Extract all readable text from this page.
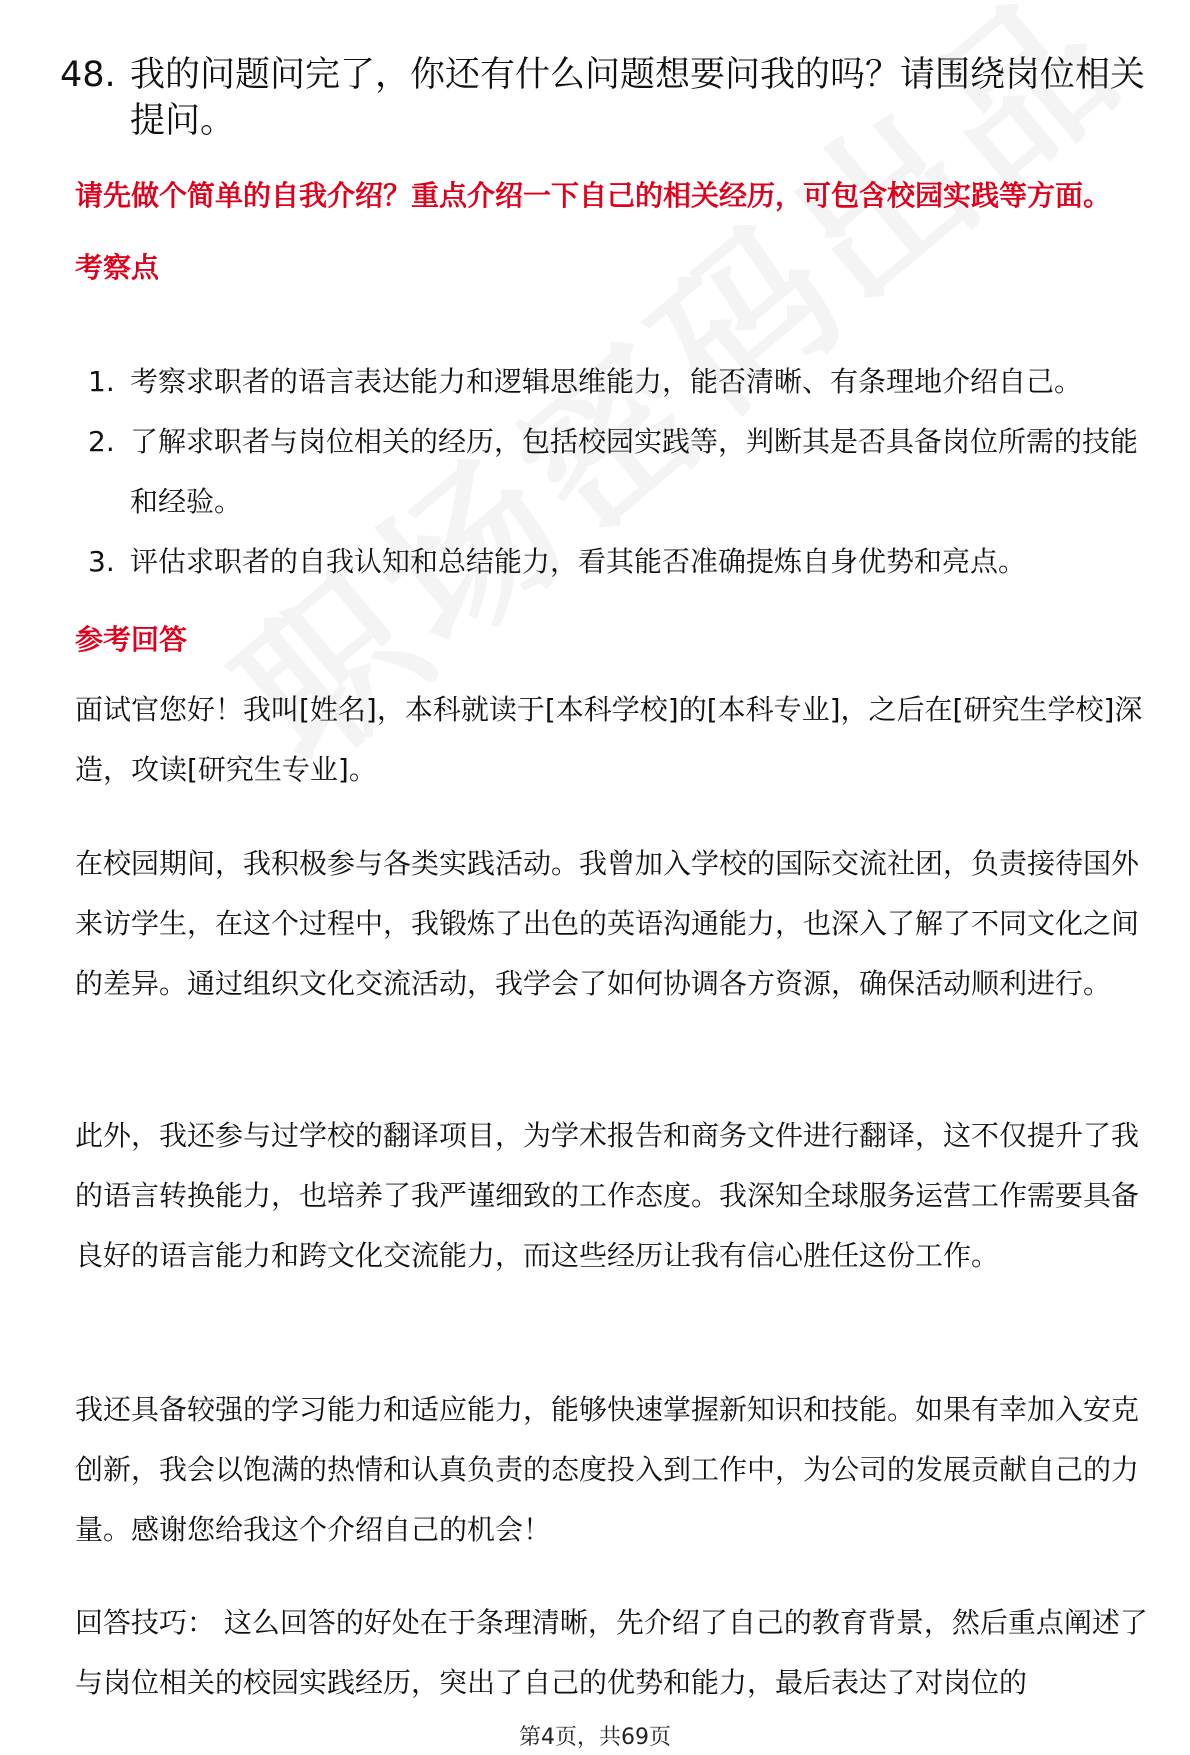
48. 我的问题问完了，你还有什么问题想要问我的吗？请围绕岗位相关提问。
请先做个简单的自我介绍？重点介绍一下自己的相关经历，可包含校园实践等方面。
考察点
1. 考察求职者的语言表达能力和逻辑思维能力，能否清晰、有条理地介绍自己。
2. 了解求职者与岗位相关的经历，包括校园实践等，判断其是否具备岗位所需的技能和经验。
3. 评估求职者的自我认知和总结能力，看其能否准确提炼自身优势和亮点。
参考回答

面试官您好！我叫[姓名]，本科就读于[本科学校]的[本科专业]，之后在[研究生学校]深造，攻读[研究生专业]。

在校园期间，我积极参与各类实践活动。我曾加入学校的国际交流社团，负责接待国外来访学生，在这个过程中，我锻炼了出色的英语沟通能力，也深入了解了不同文化之间的差异。通过组织文化交流活动，我学会了如何协调各方资源，确保活动顺利进行。

此外，我还参与过学校的翻译项目，为学术报告和商务文件进行翻译，这不仅提升了我的语言转换能力，也培养了我严谨细致的工作态度。我深知全球服务运营工作需要具备良好的语言能力和跨文化交流能力，而这些经历让我有信心胜任这份工作。

我还具备较强的学习能力和适应能力，能够快速掌握新知识和技能。如果有幸加入安克创新，我会以饱满的热情和认真负责的态度投入到工作中，为公司的发展贡献自己的力量。感谢您给我这个介绍自己的机会！

回答技巧： 这么回答的好处在于条理清晰，先介绍了自己的教育背景，然后重点阐述了与岗位相关的校园实践经历，突出了自己的优势和能力，最后表达了对岗位的

第4页，共69页
